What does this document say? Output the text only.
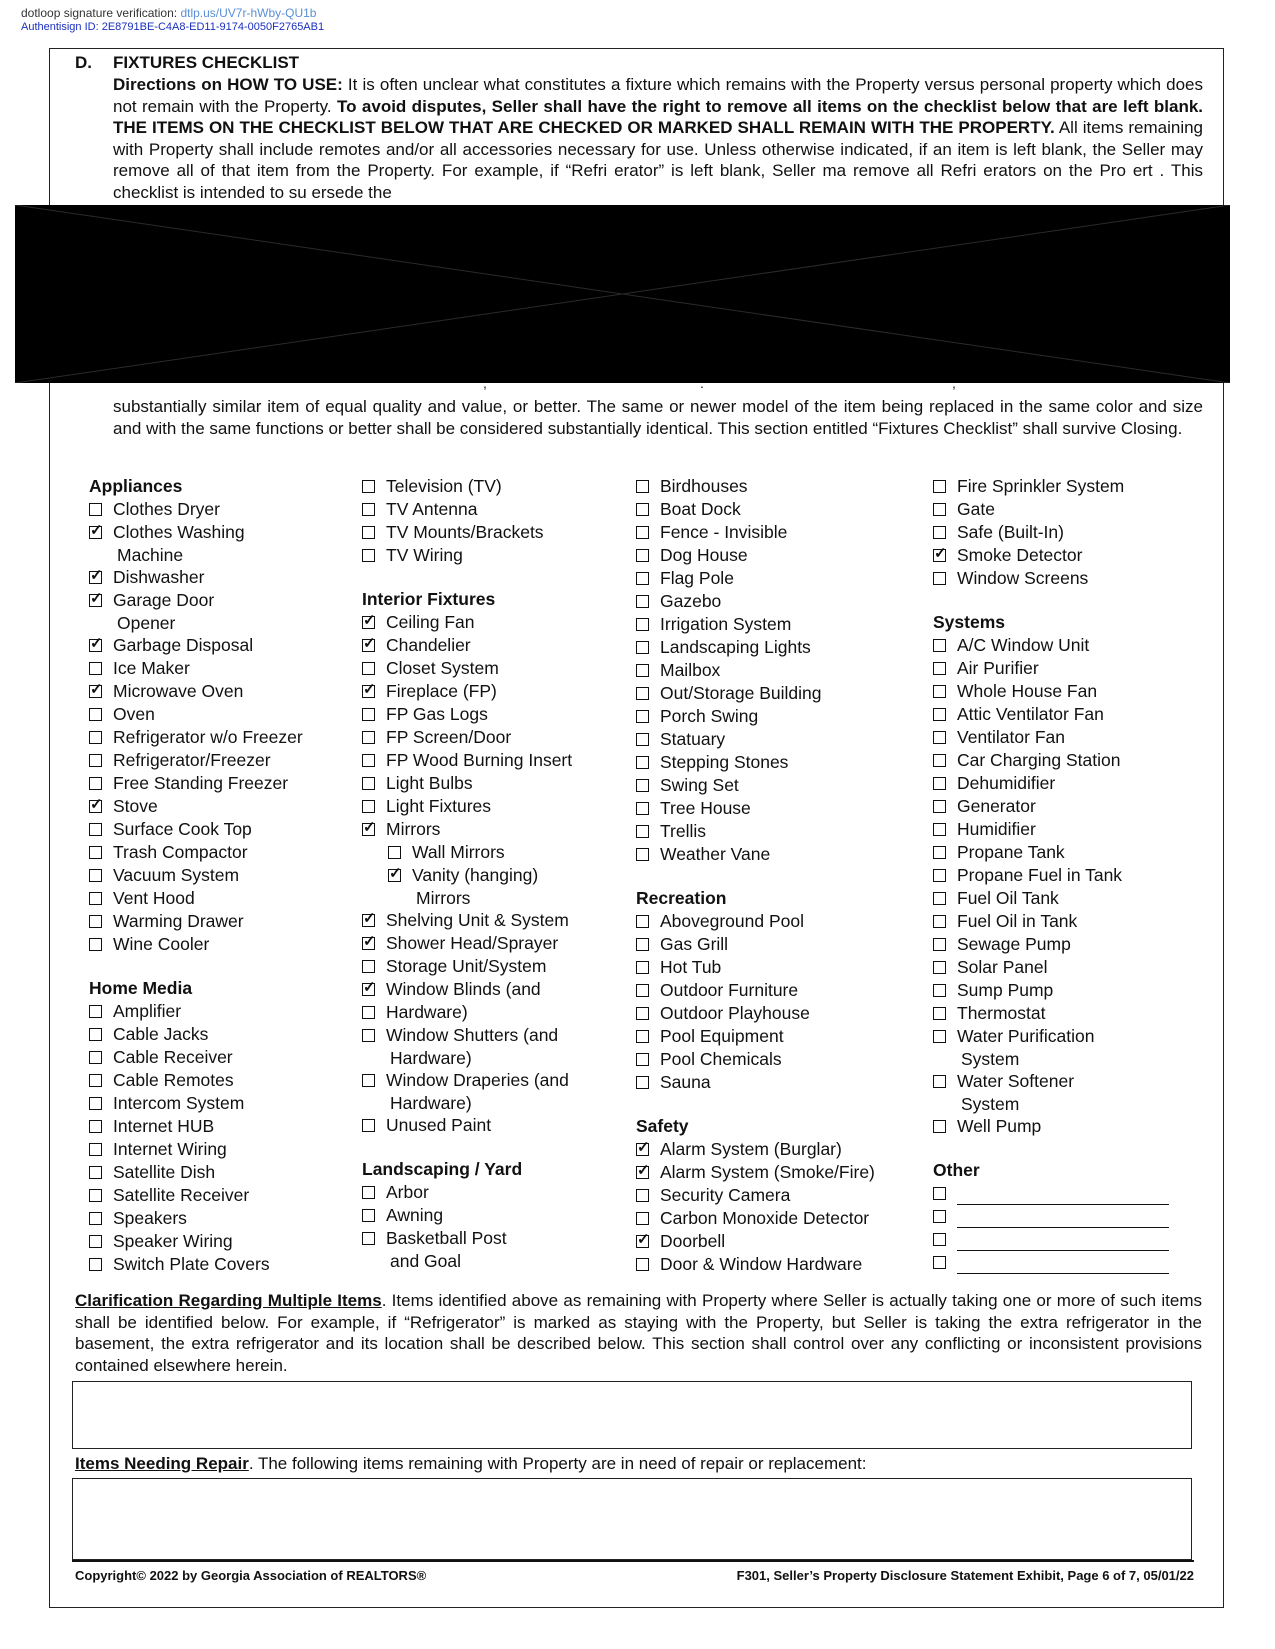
dotloop signature verification: dtlp.us/UV7r-hWby-QU1b
Authentisign ID: 2E8791BE-C4A8-ED11-9174-0050F2765AB1
D. FIXTURES CHECKLIST
Directions on HOW TO USE: It is often unclear what constitutes a fixture which remains with the Property versus personal property which does not remain with the Property. To avoid disputes, Seller shall have the right to remove all items on the checklist below that are left blank. THE ITEMS ON THE CHECKLIST BELOW THAT ARE CHECKED OR MARKED SHALL REMAIN WITH THE PROPERTY. All items remaining with Property shall include remotes and/or all accessories necessary for use. Unless otherwise indicated, if an item is left blank, the Seller may remove all of that item from the Property. For example, if “Refri erator” is left blank, Seller ma remove all Refri erators on the Pro ert . This checklist is intended to su ersede the
,	.	,
substantially similar item of equal quality and value, or better. The same or newer model of the item being replaced in the same color and size and with the same functions or better shall be considered substantially identical. This section entitled “Fixtures Checklist” shall survive Closing.
Appliances
Clothes Dryer
✓
Clothes Washing
Machine
✓
Dishwasher
✓
Garage Door
Opener
✓
Garbage Disposal
Ice Maker
✓
Microwave Oven
Oven
Refrigerator w/o Freezer
Refrigerator/Freezer
Free Standing Freezer
✓
Stove
Surface Cook Top
Trash Compactor
Vacuum System
Vent Hood
Warming Drawer
Wine Cooler
Home Media
Amplifier
Cable Jacks
Cable Receiver
Cable Remotes
Intercom System
Internet HUB
Internet Wiring
Satellite Dish
Satellite Receiver
Speakers
Speaker Wiring
Switch Plate Covers
Television (TV)
TV Antenna
TV Mounts/Brackets
TV Wiring
Interior Fixtures
✓
Ceiling Fan
✓
Chandelier
Closet System
✓
Fireplace (FP)
FP Gas Logs
FP Screen/Door
FP Wood Burning Insert
Light Bulbs
Light Fixtures
✓
Mirrors
Wall Mirrors
✓
Vanity (hanging)
Mirrors
✓
Shelving Unit & System
✓
Shower Head/Sprayer
Storage Unit/System
✓
Window Blinds (and
Hardware)
Window Shutters (and
Hardware)
Window Draperies (and
Hardware)
Unused Paint
Landscaping / Yard
Arbor
Awning
Basketball Post
and Goal
Birdhouses
Boat Dock
Fence - Invisible
Dog House
Flag Pole
Gazebo
Irrigation System
Landscaping Lights
Mailbox
Out/Storage Building
Porch Swing
Statuary
Stepping Stones
Swing Set
Tree House
Trellis
Weather Vane
Recreation
Aboveground Pool
Gas Grill
Hot Tub
Outdoor Furniture
Outdoor Playhouse
Pool Equipment
Pool Chemicals
Sauna
Safety
✓
Alarm System (Burglar)
✓
Alarm System (Smoke/Fire)
Security Camera
Carbon Monoxide Detector
✓
Doorbell
Door & Window Hardware
Fire Sprinkler System
Gate
Safe (Built-In)
✓
Smoke Detector
Window Screens
Systems
A/C Window Unit
Air Purifier
Whole House Fan
Attic Ventilator Fan
Ventilator Fan
Car Charging Station
Dehumidifier
Generator
Humidifier
Propane Tank
Propane Fuel in Tank
Fuel Oil Tank
Fuel Oil in Tank
Sewage Pump
Solar Panel
Sump Pump
Thermostat
Water Purification
System
Water Softener
System
Well Pump
Other
Clarification Regarding Multiple Items. Items identified above as remaining with Property where Seller is actually taking one or more of such items shall be identified below. For example, if “Refrigerator” is marked as staying with the Property, but Seller is taking the extra refrigerator in the basement, the extra refrigerator and its location shall be described below. This section shall control over any conflicting or inconsistent provisions contained elsewhere herein.
Items Needing Repair. The following items remaining with Property are in need of repair or replacement:
Copyright© 2022 by Georgia Association of REALTORS®	F301, Seller’s Property Disclosure Statement Exhibit, Page 6 of 7, 05/01/22
